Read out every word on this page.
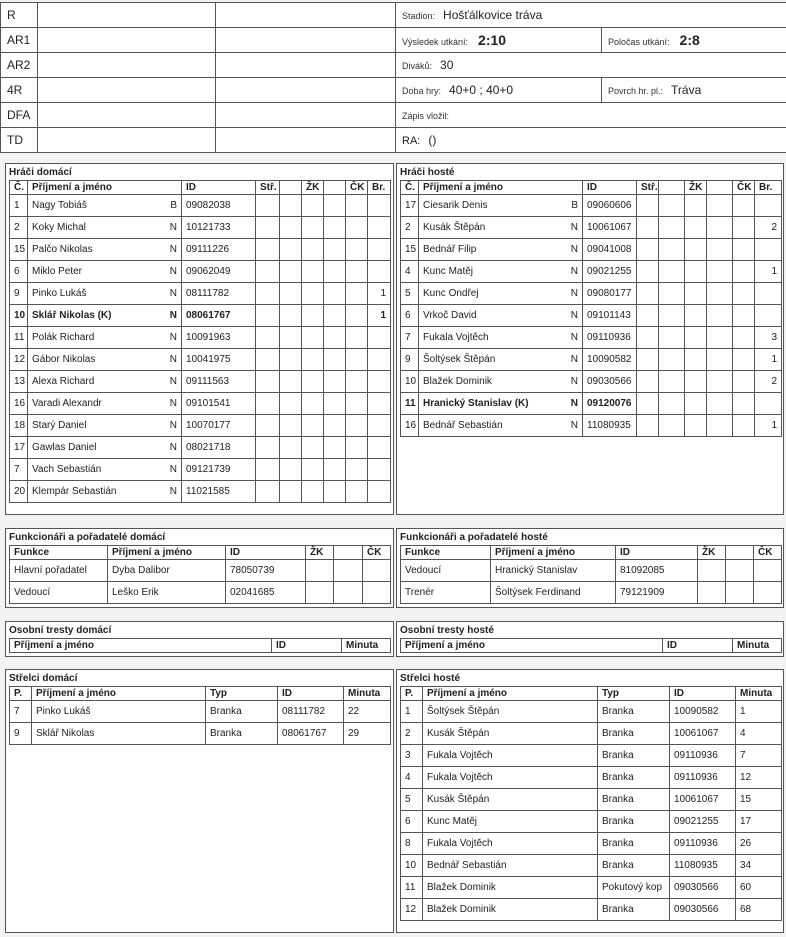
R			Stadion: Hošťálkovice tráva	
AR1			Výsledek utkání: 2:10	Poločas utkání: 2:8
AR2			Diváků: 30	
4R			Doba hry: 40+0 ; 40+0	Povrch hr. pl.: Tráva
DFA			Zápis vložil:	
TD			RA: ()	
Hráči domácí
Č.	Příjmení a jméno	ID	Stř.		ŽK		ČK	Br.
1	Nagy Tobiáš B	09082038						
2	Koky Michal N	10121733						
15	Palčo Nikolas N	09111226						
6	Miklo Peter N	09062049						
9	Pinko Lukáš N	08111782						1
10	Sklář Nikolas (K) N	08061767						1
11	Polák Richard N	10091963						
12	Gábor Nikolas N	10041975						
13	Alexa Richard N	09111563						
16	Varadi Alexandr N	09101541						
18	Starý Daniel N	10070177						
17	Gawlas Daniel N	08021718						
7	Vach Sebastián N	09121739						
20	Klempár Sebastián N	11021585						
Hráči hosté
Č.	Příjmení a jméno	ID	Stř.		ŽK		ČK	Br.
17	Ciesarik Denis B	09060606						
2	Kusák Štěpán N	10061067						2
15	Bednář Filip N	09041008						
4	Kunc Matěj N	09021255						1
5	Kunc Ondřej N	09080177						
6	Vrkoč David N	09101143						
7	Fukala Vojtěch N	09110936						3
9	Šoltýsek Štěpán N	10090582						1
10	Blažek Dominik N	09030566						2
11	Hranický Stanislav (K) N	09120076						
16	Bednář Sebastián N	11080935						1
Funkcionáři a pořadatelé domácí
Funkce	Příjmení a jméno	ID	ŽK		ČK
Hlavní pořadatel	Dyba Dalibor	78050739			
Vedoucí	Leško Erik	02041685			
Funkcionáři a pořadatelé hosté
Funkce	Příjmení a jméno	ID	ŽK		ČK
Vedoucí	Hranický Stanislav	81092085			
Trenér	Šoltýsek Ferdinand	79121909			
Osobní tresty domácí
Příjmení a jméno	ID	Minuta
Osobní tresty hosté
Příjmení a jméno	ID	Minuta
Střelci domácí
P.	Příjmení a jméno	Typ	ID	Minuta
7	Pinko Lukáš	Branka	08111782	22
9	Sklář Nikolas	Branka	08061767	29
Střelci hosté
P.	Příjmení a jméno	Typ	ID	Minuta
1	Šoltýsek Štěpán	Branka	10090582	1
2	Kusák Štěpán	Branka	10061067	4
3	Fukala Vojtěch	Branka	09110936	7
4	Fukala Vojtěch	Branka	09110936	12
5	Kusák Štěpán	Branka	10061067	15
6	Kunc Matěj	Branka	09021255	17
8	Fukala Vojtěch	Branka	09110936	26
10	Bednář Sebastián	Branka	11080935	34
11	Blažek Dominik	Pokutový kop	09030566	60
12	Blažek Dominik	Branka	09030566	68
